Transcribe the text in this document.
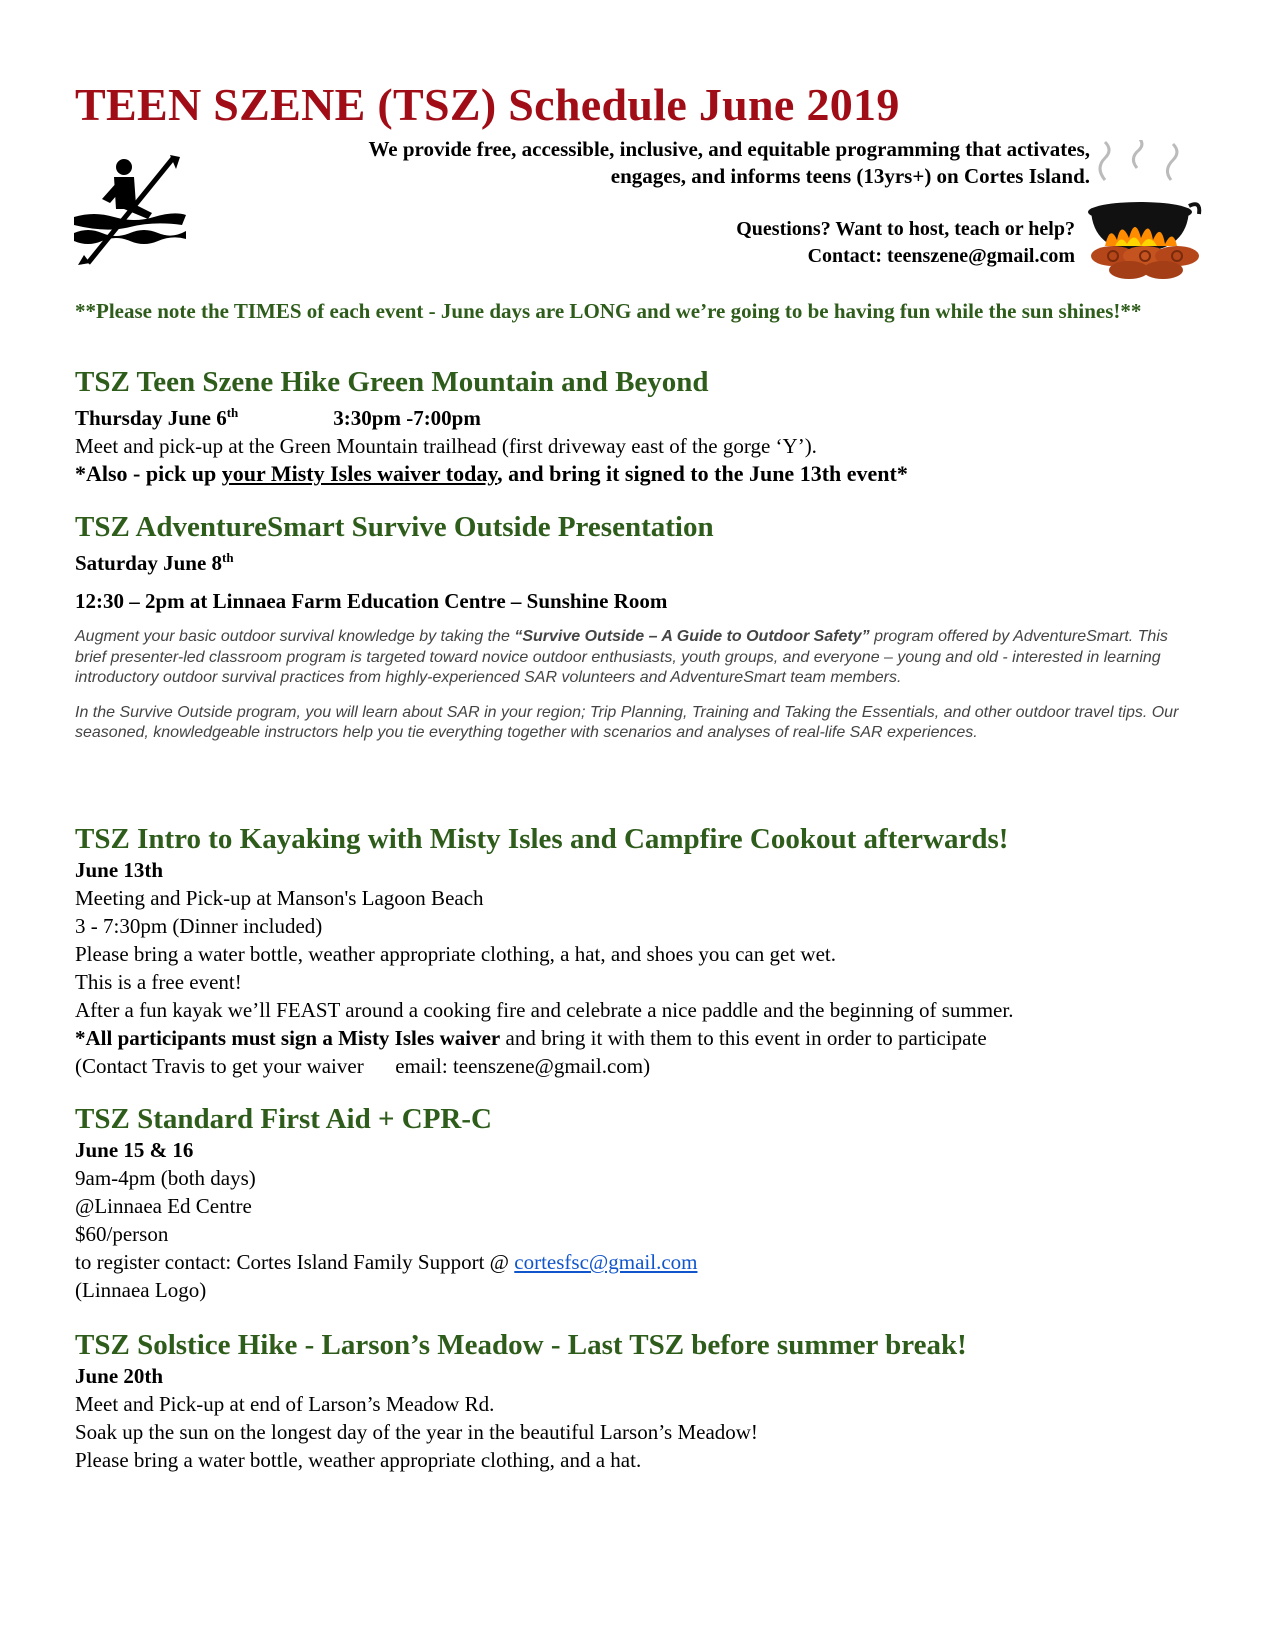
TEEN SZENE (TSZ) Schedule June 2019
We provide free, accessible, inclusive, and equitable programming that activates,
engages, and informs teens (13yrs+) on Cortes Island.
Questions? Want to host, teach or help?
Contact: teenszene@gmail.com
**Please note the TIMES of each event - June days are LONG and we’re going to be having fun while the sun shines!**
TSZ Teen Szene Hike Green Mountain and Beyond
Thursday June 6th	3:30pm -7:00pm
Meet and pick-up at the Green Mountain trailhead (first driveway east of the gorge ‘Y’).
*Also - pick up your Misty Isles waiver today, and bring it signed to the June 13th event*
TSZ AdventureSmart Survive Outside Presentation
Saturday June 8th
12:30 – 2pm at Linnaea Farm Education Centre – Sunshine Room
Augment your basic outdoor survival knowledge by taking the “Survive Outside – A Guide to Outdoor Safety” program offered by AdventureSmart. This brief presenter-led classroom program is targeted toward novice outdoor enthusiasts, youth groups, and everyone – young and old - interested in learning introductory outdoor survival practices from highly-experienced SAR volunteers and AdventureSmart team members.
In the Survive Outside program, you will learn about SAR in your region; Trip Planning, Training and Taking the Essentials, and other outdoor travel tips. Our seasoned, knowledgeable instructors help you tie everything together with scenarios and analyses of real-life SAR experiences.
TSZ Intro to Kayaking with Misty Isles and Campfire Cookout afterwards!
June 13th
Meeting and Pick-up at Manson's Lagoon Beach
3 - 7:30pm (Dinner included)
Please bring a water bottle, weather appropriate clothing, a hat, and shoes you can get wet.
This is a free event!
After a fun kayak we’ll FEAST around a cooking fire and celebrate a nice paddle and the beginning of summer.
*All participants must sign a Misty Isles waiver and bring it with them to this event in order to participate
(Contact Travis to get your waiver      email: teenszene@gmail.com)
TSZ Standard First Aid + CPR-C
June 15 & 16
9am-4pm (both days)
@Linnaea Ed Centre
$60/person
to register contact: Cortes Island Family Support @ cortesfsc@gmail.com
(Linnaea Logo)
TSZ Solstice Hike - Larson’s Meadow - Last TSZ before summer break!
June 20th
Meet and Pick-up at end of Larson’s Meadow Rd.
Soak up the sun on the longest day of the year in the beautiful Larson’s Meadow!
Please bring a water bottle, weather appropriate clothing, and a hat.
